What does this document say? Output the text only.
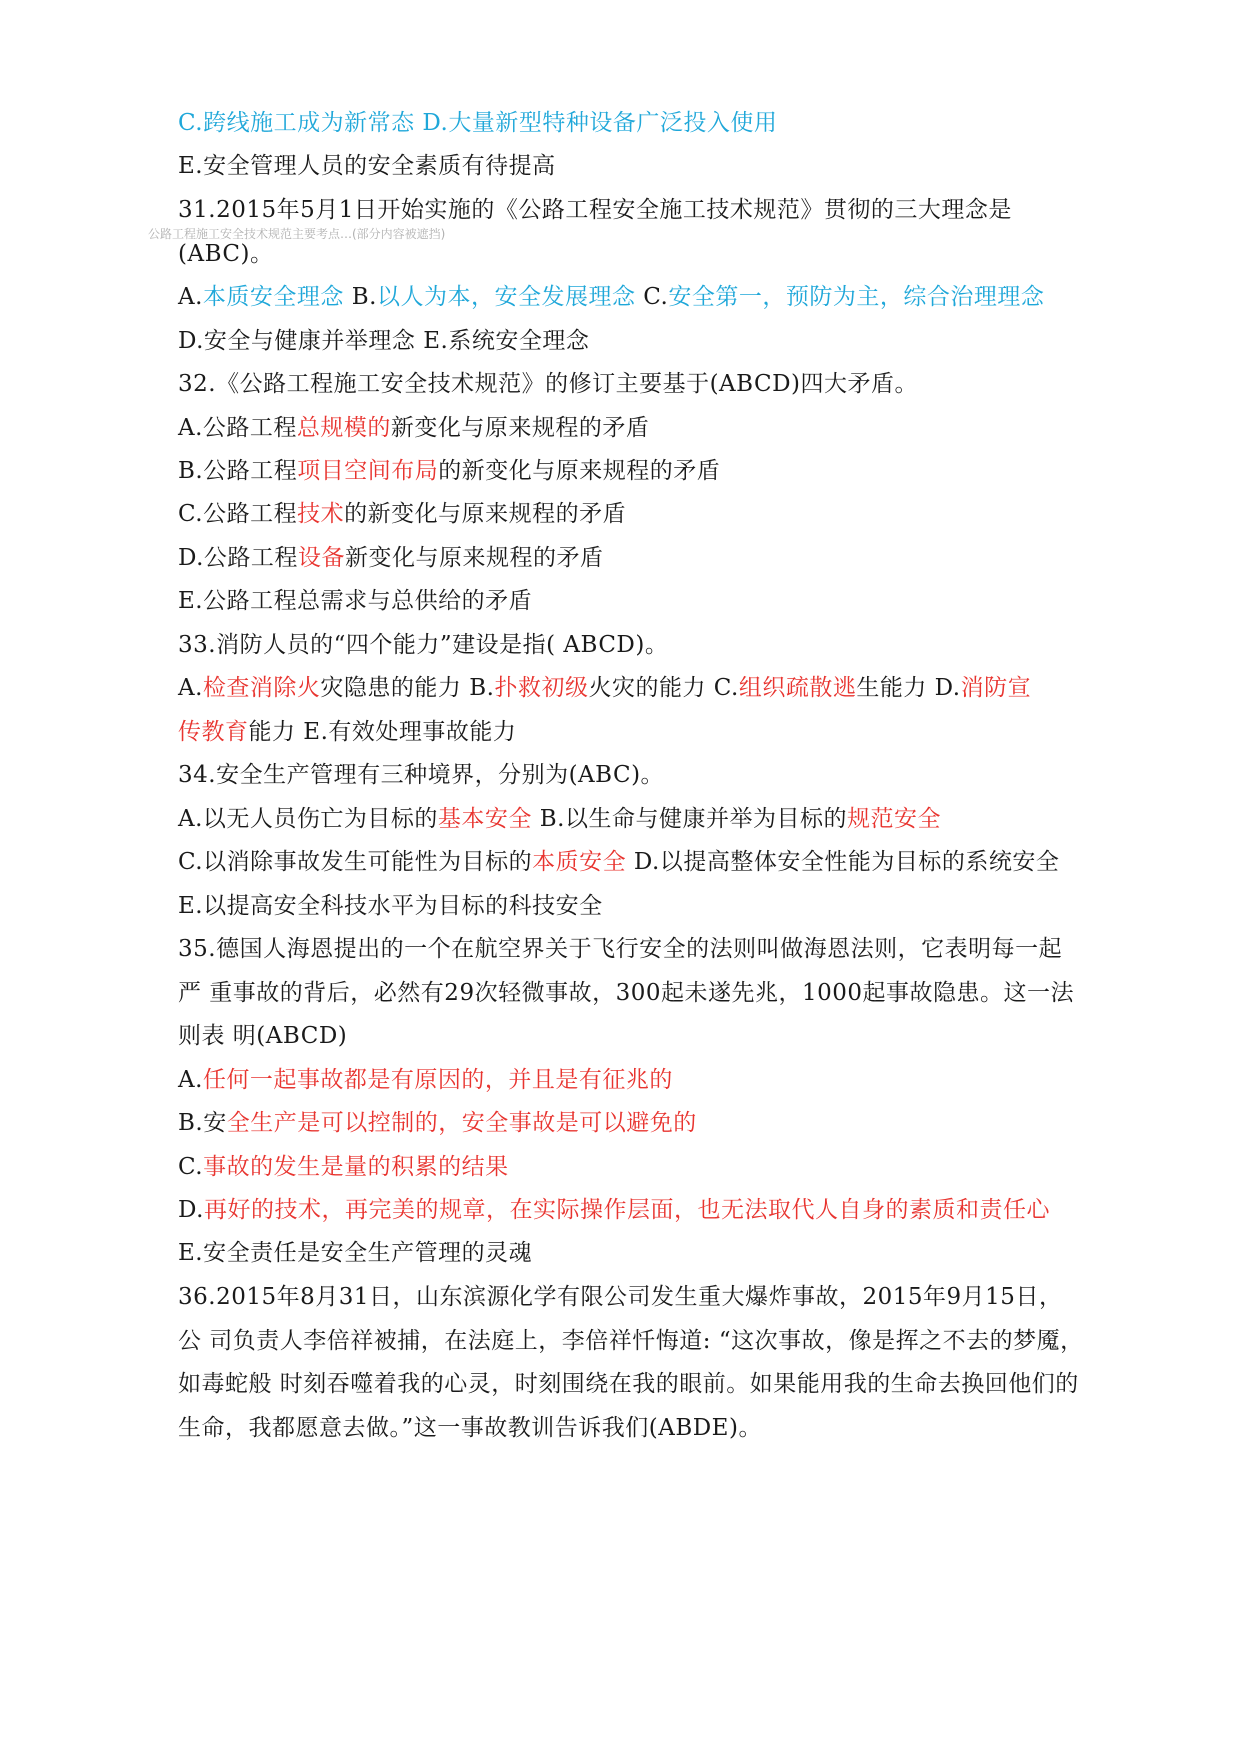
公路工程施工安全技术规范主要考点…(部分内容被遮挡)
C.跨线施工成为新常态 D.大量新型特种设备广泛投入使用
E.安全管理人员的安全素质有待提高
31.2015年5月1日开始实施的《公路工程安全施工技术规范》贯彻的三大理念是
(ABC)。
A.本质安全理念 B.以人为本，安全发展理念 C.安全第一，预防为主，综合治理理念
D.安全与健康并举理念 E.系统安全理念
32.《公路工程施工安全技术规范》的修订主要基于(ABCD)四大矛盾。
A.公路工程总规模的新变化与原来规程的矛盾
B.公路工程项目空间布局的新变化与原来规程的矛盾
C.公路工程技术的新变化与原来规程的矛盾
D.公路工程设备新变化与原来规程的矛盾
E.公路工程总需求与总供给的矛盾
33.消防人员的“四个能力”建设是指( ABCD)。
A.检查消除火灾隐患的能力 B.扑救初级火灾的能力 C.组织疏散逃生能力 D.消防宣
传教育能力 E.有效处理事故能力
34.安全生产管理有三种境界，分别为(ABC)。
A.以无人员伤亡为目标的基本安全 B.以生命与健康并举为目标的规范安全
C.以消除事故发生可能性为目标的本质安全 D.以提高整体安全性能为目标的系统安全
E.以提高安全科技水平为目标的科技安全
35.德国人海恩提出的一个在航空界关于飞行安全的法则叫做海恩法则，它表明每一起
严 重事故的背后，必然有29次轻微事故，300起未遂先兆，1000起事故隐患。这一法
则表 明(ABCD)
A.任何一起事故都是有原因的，并且是有征兆的
B.安全生产是可以控制的，安全事故是可以避免的
C.事故的发生是量的积累的结果
D.再好的技术，再完美的规章，在实际操作层面，也无法取代人自身的素质和责任心
E.安全责任是安全生产管理的灵魂
36.2015年8月31日，山东滨源化学有限公司发生重大爆炸事故，2015年9月15日，
公 司负责人李倍祥被捕，在法庭上，李倍祥忏悔道: “这次事故，像是挥之不去的梦魇，
如毒蛇般 时刻吞噬着我的心灵，时刻围绕在我的眼前。如果能用我的生命去换回他们的
生命，我都愿意去做。”这一事故教训告诉我们(ABDE)。
